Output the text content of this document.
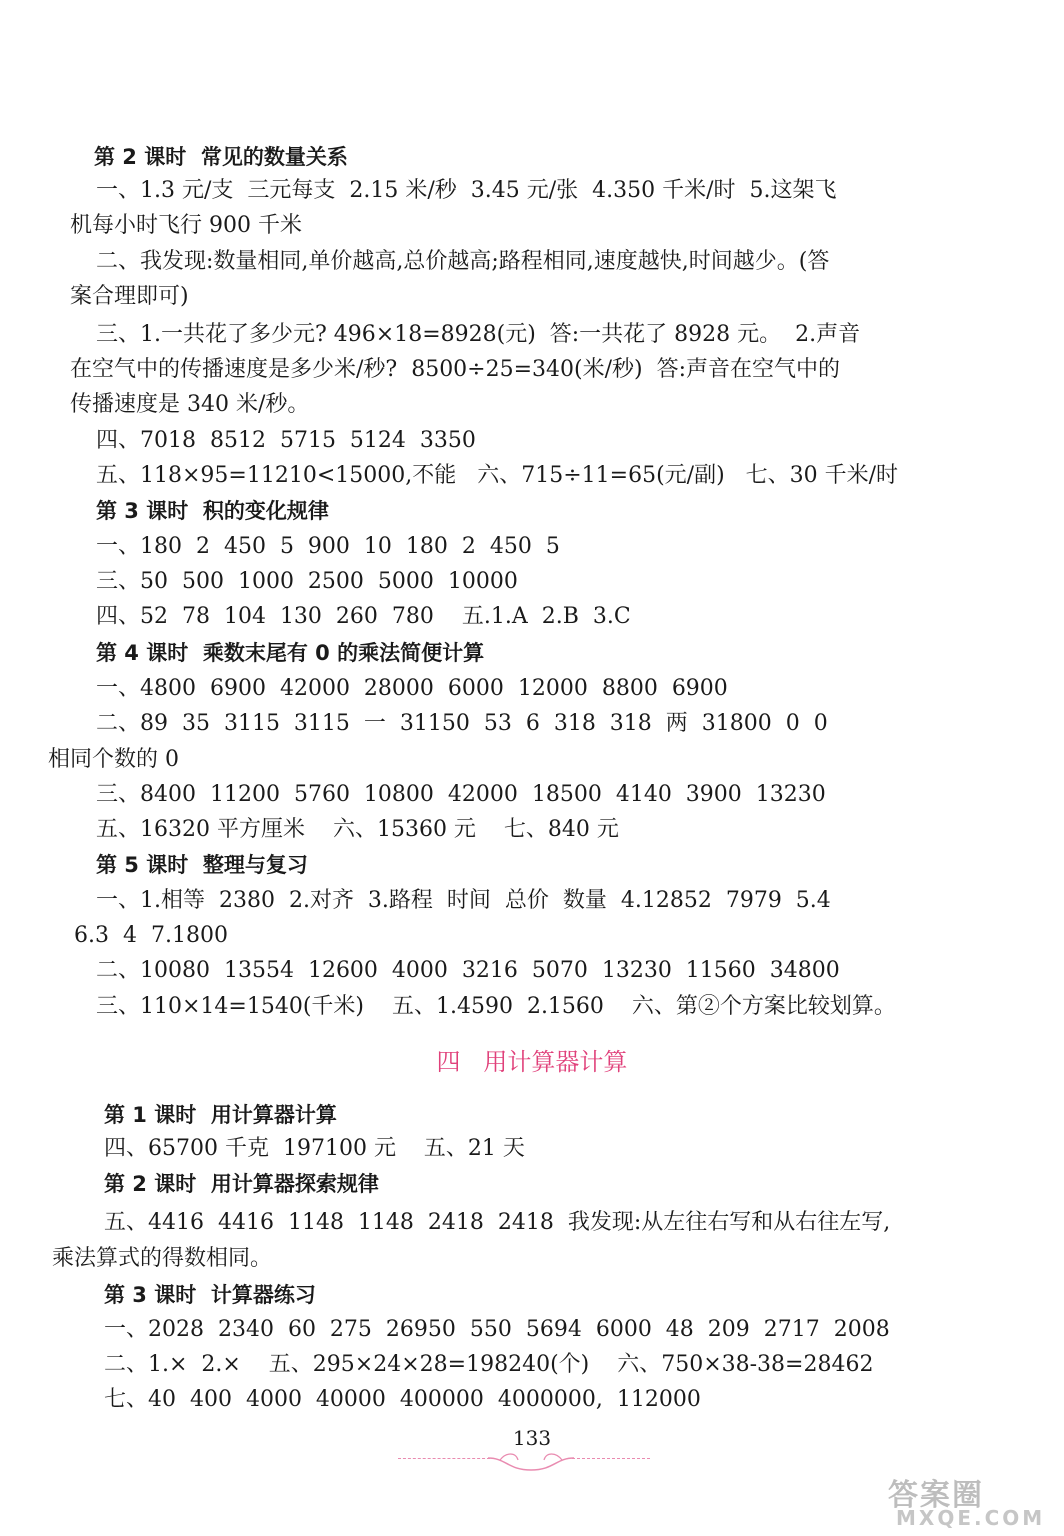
第 2 课时  常见的数量关系
一、1.3 元/支  三元每支  2.15 米/秒  3.45 元/张  4.350 千米/时  5.这架飞
机每小时飞行 900 千米
二、我发现:数量相同,单价越高,总价越高;路程相同,速度越快,时间越少。(答
案合理即可)
三、1.一共花了多少元? 496×18=8928(元)  答:一共花了 8928 元。  2.声音
在空气中的传播速度是多少米/秒?  8500÷25=340(米/秒)  答:声音在空气中的
传播速度是 340 米/秒。
四、7018  8512  5715  5124  3350
五、118×95=11210<15000,不能   六、715÷11=65(元/副)   七、30 千米/时
第 3 课时  积的变化规律
一、180  2  450  5  900  10  180  2  450  5
三、50  500  1000  2500  5000  10000
四、52  78  104  130  260  780    五.1.A  2.B  3.C
第 4 课时  乘数末尾有 0 的乘法简便计算
一、4800  6900  42000  28000  6000  12000  8800  6900
二、89  35  3115  3115  一  31150  53  6  318  318  两  31800  0  0
相同个数的 0
三、8400  11200  5760  10800  42000  18500  4140  3900  13230
五、16320 平方厘米    六、15360 元    七、840 元
第 5 课时  整理与复习
一、1.相等  2380  2.对齐  3.路程  时间  总价  数量  4.12852  7979  5.4
6.3  4  7.1800
二、10080  13554  12600  4000  3216  5070  13230  11560  34800
三、110×14=1540(千米)    五、1.4590  2.1560    六、第②个方案比较划算。
第 1 课时  用计算器计算
四、65700 千克  197100 元    五、21 天
第 2 课时  用计算器探索规律
五、4416  4416  1148  1148  2418  2418  我发现:从左往右写和从右往左写,
乘法算式的得数相同。
第 3 课时  计算器练习
一、2028  2340  60  275  26950  550  5694  6000  48  209  2717  2008
二、1.×  2.×    五、295×24×28=198240(个)    六、750×38-38=28462
七、40  400  4000  40000  400000  4000000,  112000
四   用计算器计算
133
答案圈
MXQE.COM
